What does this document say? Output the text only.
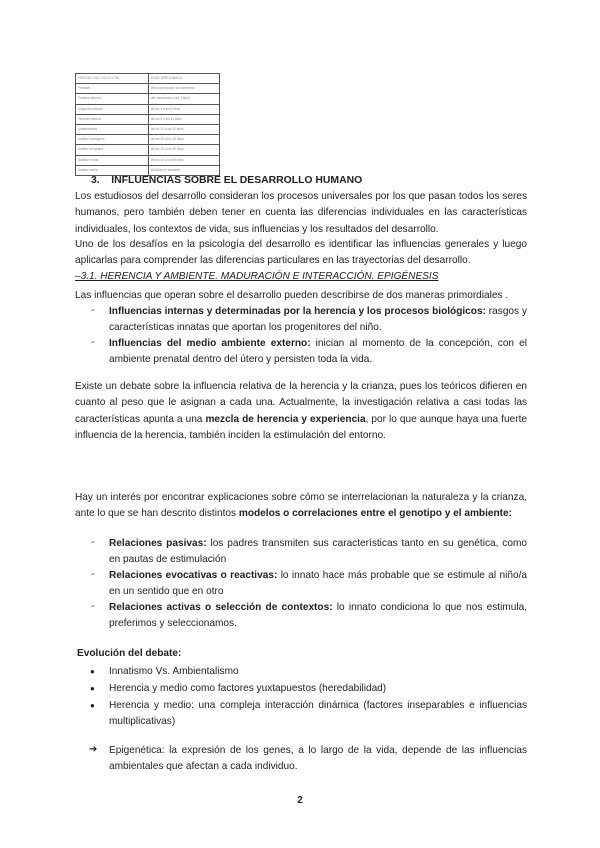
PERÍODO DEL CICLO VITAL	EDAD APROXIMADA
Prenatal	de la concepción al nacimiento
Primera infancia	del nacimiento a los 3 años
Segunda infancia	de los 3 a los 6 años
Tercera infancia	de los 6 a los 11 años
Adolescencia	de los 11 a los 20 años
Adultez emergente	de los 20 a los 25 años
Adultez temprana	de los 25 a los 40 años
Adultez media	de los 40 a los 65 años
Adultez tardía	65 años en adelante
3. INFLUENCIAS SOBRE EL DESARROLLO HUMANO
Los estudiosos del desarrollo consideran los procesos universales por los que pasan todos los seres humanos, pero también deben tener en cuenta las diferencias individuales en las características individuales, los contextos de vida, sus influencias y los resultados del desarrollo.
Uno de los desafíos en la psicología del desarrollo es identificar las influencias generales y luego aplicarlas para comprender las diferencias particulares en las trayectorias del desarrollo.
–3.1. HERENCIA Y AMBIENTE. MADURACIÓN E INTERACCIÓN. EPIGÉNESIS
Las influencias que operan sobre el desarrollo pueden describirse de dos maneras primordiales .
- Influencias internas y determinadas por la herencia y los procesos biológicos: rasgos y características innatas que aportan los progenitores del niño.
- Influencias del medio ambiente externo: inician al momento de la concepción, con el ambiente prenatal dentro del útero y persisten toda la vida.
Existe un debate sobre la influencia relativa de la herencia y la crianza, pues los teóricos difieren en cuanto al peso que le asignan a cada una. Actualmente, la investigación relativa a casi todas las características apunta a una mezcla de herencia y experiencia, por lo que aunque haya una fuerte influencia de la herencia, también inciden la estimulación del entorno.
Hay un interés por encontrar explicaciones sobre cómo se interrelacionan la naturaleza y la crianza, ante lo que se han descrito distintos modelos o correlaciones entre el genotipo y el ambiente:
- Relaciones pasivas: los padres transmiten sus características tanto en su genética, como en pautas de estimulación
- Relaciones evocativas o reactivas: lo innato hace más probable que se estimule al niño/a en un sentido que en otro
- Relaciones activas o selección de contextos: lo innato condiciona lo que nos estimula, preferimos y seleccionamos.
Evolución del debate:
● Innatismo Vs. Ambientalismo
● Herencia y medio como factores yuxtapuestos (heredabilidad)
● Herencia y medio: una compleja interacción dinámica (factores inseparables e influencias multiplicativas)
➔ Epigenética: la expresión de los genes, a lo largo de la vida, depende de las influencias ambientales que afectan a cada individuo.
2
